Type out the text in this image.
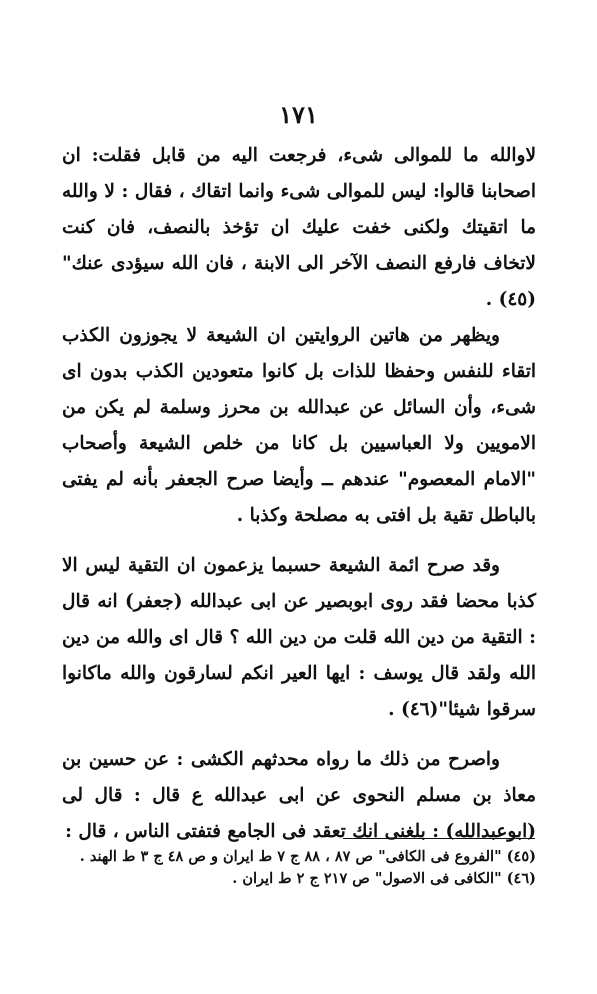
١٧١

لاوالله ما للموالى شىء، فرجعت اليه من قابل فقلت: ان اصحابنا قالوا: ليس للموالى شىء وانما اتقاك ، فقال : لا والله ما اتقيتك ولكنى خفت عليك ان تؤخذ بالنصف، فان كنت لاتخاف فارفع النصف الآخر الى الابنة ، فان الله سيؤدى عنك"(٤٥) .

ويظهر من هاتين الروايتين ان الشيعة لا يجوزون الكذب اتقاء للنفس وحفظا للذات بل كانوا متعودين الكذب بدون اى شىء، وأن السائل عن عبدالله بن محرز وسلمة لم يكن من الامويين ولا العباسيين بل كانا من خلص الشيعة وأصحاب "الامام المعصوم" عندهم ــ وأيضا صرح الجعفر بأنه لم يفتى بالباطل تقية بل افتى به مصلحة وكذبا .

وقد صرح ائمة الشيعة حسبما يزعمون ان التقية ليس الا كذبا محضا فقد روى ابوبصير عن ابى عبدالله (جعفر) انه قال : التقية من دين الله قلت من دين الله ؟ قال اى والله من دين الله ولقد قال يوسف : ايها العير انكم لسارقون والله ماكانوا سرقوا شيئا"(٤٦) .

واصرح من ذلك ما رواه محدثهم الكشى : عن حسين بن معاذ بن مسلم النحوى عن ابى عبدالله ع قال : قال لى (ابوعبدالله) : بلغنى انك تعقد فى الجامع فتفتى الناس ، قال :

(٤٥) "الفروع فى الكافى" ص ٨٧ ، ٨٨ ج ٧ ط ايران و ص ٤٨ ج ٣ ط الهند .

(٤٦) "الكافى فى الاصول" ص ٢١٧ ج ٢ ط ايران .
